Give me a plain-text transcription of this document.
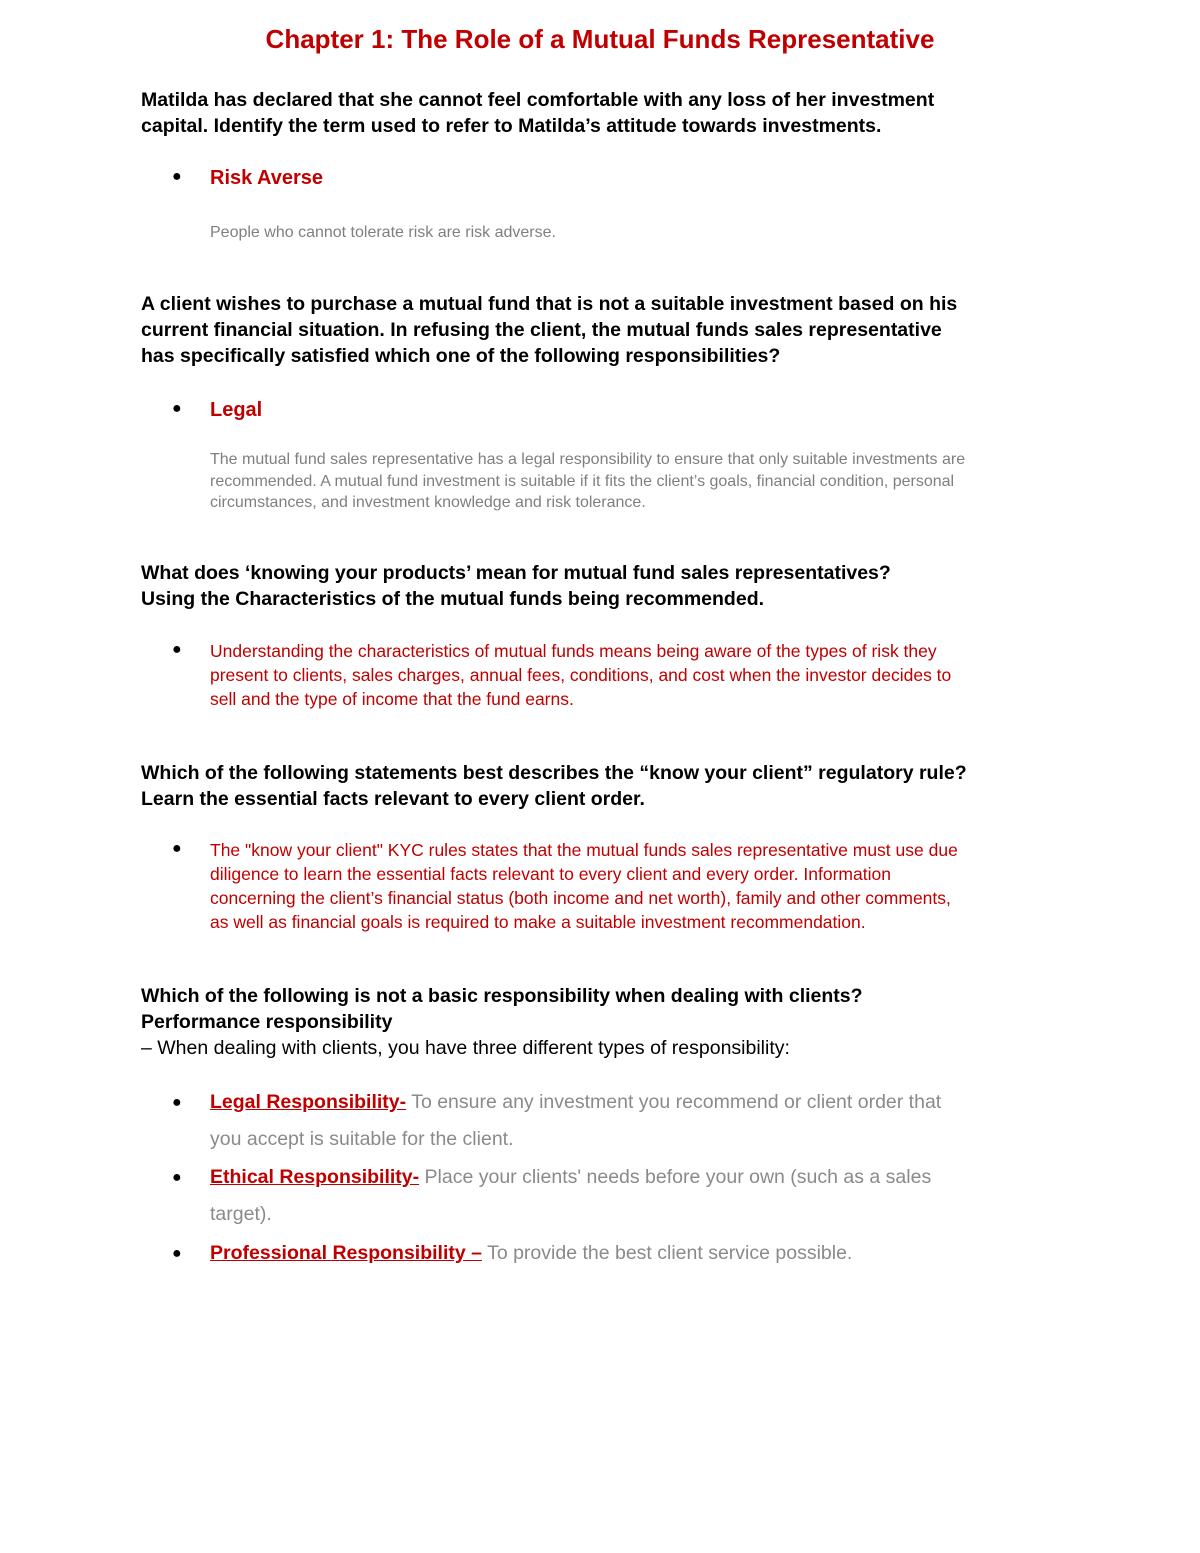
Chapter 1: The Role of a Mutual Funds Representative
Matilda has declared that she cannot feel comfortable with any loss of her investment
capital. Identify the term used to refer to Matilda’s attitude towards investments.
● Risk Averse

People who cannot tolerate risk are risk adverse.

A client wishes to purchase a mutual fund that is not a suitable investment based on his
current financial situation. In refusing the client, the mutual funds sales representative
has specifically satisfied which one of the following responsibilities?
● Legal
The mutual fund sales representative has a legal responsibility to ensure that only suitable investments are
recommended. A mutual fund investment is suitable if it fits the client’s goals, financial condition, personal
circumstances, and investment knowledge and risk tolerance.
What does ‘knowing your products’ mean for mutual fund sales representatives?
Using the Characteristics of the mutual funds being recommended.
● Understanding the characteristics of mutual funds means being aware of the types of risk they
present to clients, sales charges, annual fees, conditions, and cost when the investor decides to
sell and the type of income that the fund earns.
Which of the following statements best describes the “know your client” regulatory rule?
Learn the essential facts relevant to every client order.
● The "know your client" KYC rules states that the mutual funds sales representative must use due
diligence to learn the essential facts relevant to every client and every order. Information
concerning the client’s financial status (both income and net worth), family and other comments,
as well as financial goals is required to make a suitable investment recommendation.
Which of the following is not a basic responsibility when dealing with clients?
Performance responsibility
– When dealing with clients, you have three different types of responsibility:
● Legal Responsibility- To ensure any investment you recommend or client order that
you accept is suitable for the client.
● Ethical Responsibility- Place your clients' needs before your own (such as a sales
target).
● Professional Responsibility – To provide the best client service possible.
